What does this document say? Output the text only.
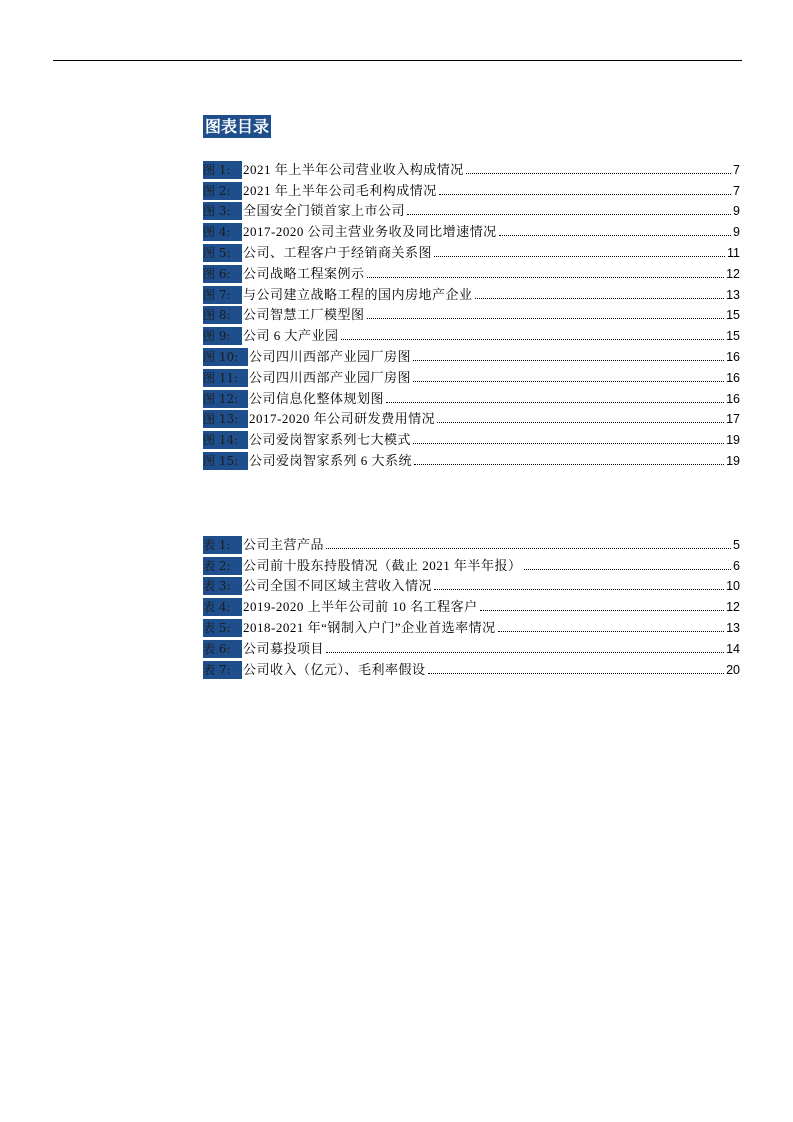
图表目录
图 1: 2021 年上半年公司营业收入构成情况	7
图 2: 2021 年上半年公司毛利构成情况	7
图 3: 全国安全门锁首家上市公司	9
图 4: 2017-2020 公司主营业务收及同比增速情况	9
图 5: 公司、工程客户于经销商关系图	11
图 6: 公司战略工程案例示	12
图 7: 与公司建立战略工程的国内房地产企业	13
图 8: 公司智慧工厂模型图	15
图 9: 公司 6 大产业园	15
图 10: 公司四川西部产业园厂房图	16
图 11: 公司四川西部产业园厂房图	16
图 12: 公司信息化整体规划图	16
图 13: 2017-2020 年公司研发费用情况	17
图 14: 公司爱岗智家系列七大模式	19
图 15: 公司爱岗智家系列 6 大系统	19
表 1: 公司主营产品	5
表 2: 公司前十股东持股情况（截止 2021 年半年报）	6
表 3: 公司全国不同区域主营收入情况	10
表 4: 2019-2020 上半年公司前 10 名工程客户	12
表 5: 2018-2021 年“钢制入户门”企业首选率情况	13
表 6: 公司募投项目	14
表 7: 公司收入（亿元）、毛利率假设	20
